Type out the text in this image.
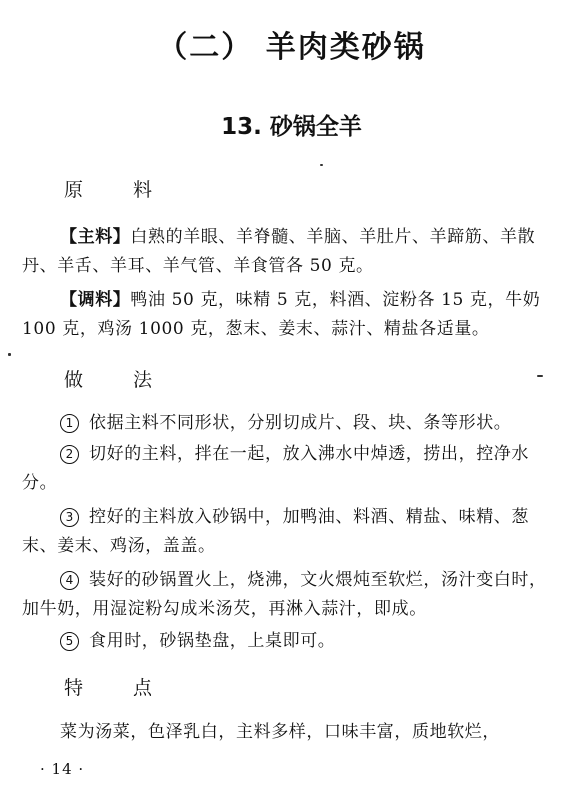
（二） 羊肉类砂锅
13. 砂锅全羊
原 料
【主料】白熟的羊眼、羊脊髓、羊脑、羊肚片、羊蹄筋、羊散丹、羊舌、羊耳、羊气管、羊食管各 50 克。
【调料】鸭油 50 克，味精 5 克，料酒、淀粉各 15 克，牛奶 100 克，鸡汤 1000 克，葱末、姜末、蒜汁、精盐各适量。
做 法
1 依据主料不同形状，分别切成片、段、块、条等形状。
2 切好的主料，拌在一起，放入沸水中焯透，捞出，控净水分。
3 控好的主料放入砂锅中，加鸭油、料酒、精盐、味精、葱末、姜末、鸡汤，盖盖。
4 装好的砂锅置火上，烧沸，文火煨炖至软烂，汤汁变白时，加牛奶，用湿淀粉勾成米汤芡，再淋入蒜汁，即成。
5 食用时，砂锅垫盘，上桌即可。
特 点
菜为汤菜，色泽乳白，主料多样，口味丰富，质地软烂，
· 14 ·
